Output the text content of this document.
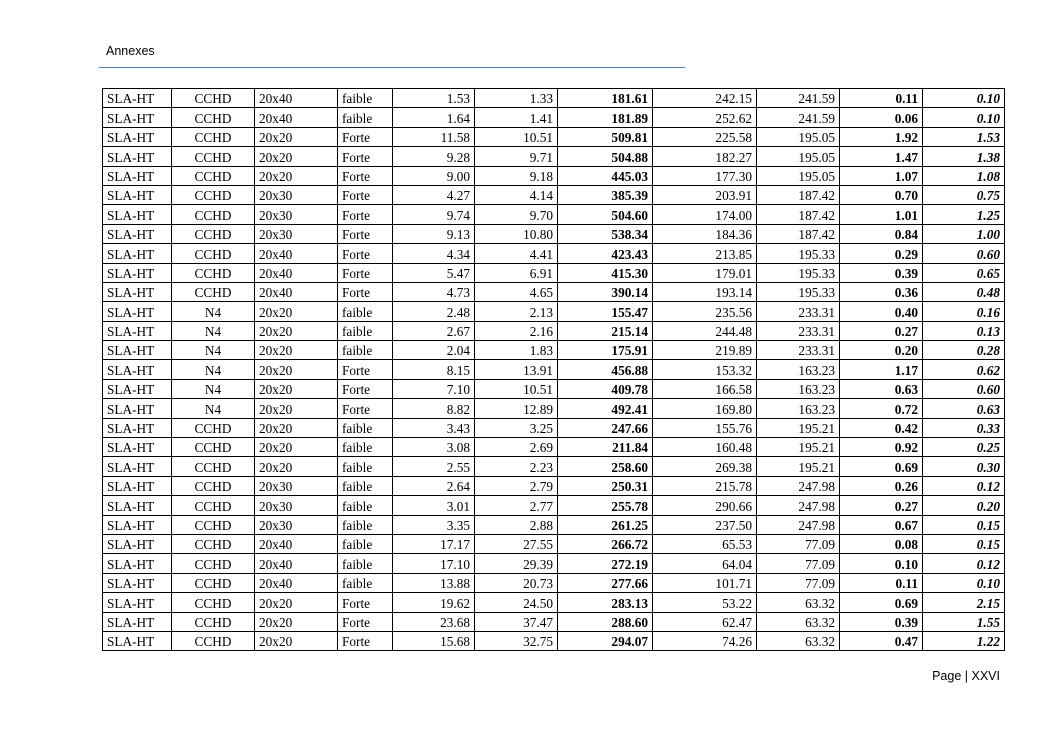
Annexes
SLA-HT	CCHD	20x40	faible	1.53	1.33	181.61	242.15	241.59	0.11	0.10
SLA-HT	CCHD	20x40	faible	1.64	1.41	181.89	252.62	241.59	0.06	0.10
SLA-HT	CCHD	20x20	Forte	11.58	10.51	509.81	225.58	195.05	1.92	1.53
SLA-HT	CCHD	20x20	Forte	9.28	9.71	504.88	182.27	195.05	1.47	1.38
SLA-HT	CCHD	20x20	Forte	9.00	9.18	445.03	177.30	195.05	1.07	1.08
SLA-HT	CCHD	20x30	Forte	4.27	4.14	385.39	203.91	187.42	0.70	0.75
SLA-HT	CCHD	20x30	Forte	9.74	9.70	504.60	174.00	187.42	1.01	1.25
SLA-HT	CCHD	20x30	Forte	9.13	10.80	538.34	184.36	187.42	0.84	1.00
SLA-HT	CCHD	20x40	Forte	4.34	4.41	423.43	213.85	195.33	0.29	0.60
SLA-HT	CCHD	20x40	Forte	5.47	6.91	415.30	179.01	195.33	0.39	0.65
SLA-HT	CCHD	20x40	Forte	4.73	4.65	390.14	193.14	195.33	0.36	0.48
SLA-HT	N4	20x20	faible	2.48	2.13	155.47	235.56	233.31	0.40	0.16
SLA-HT	N4	20x20	faible	2.67	2.16	215.14	244.48	233.31	0.27	0.13
SLA-HT	N4	20x20	faible	2.04	1.83	175.91	219.89	233.31	0.20	0.28
SLA-HT	N4	20x20	Forte	8.15	13.91	456.88	153.32	163.23	1.17	0.62
SLA-HT	N4	20x20	Forte	7.10	10.51	409.78	166.58	163.23	0.63	0.60
SLA-HT	N4	20x20	Forte	8.82	12.89	492.41	169.80	163.23	0.72	0.63
SLA-HT	CCHD	20x20	faible	3.43	3.25	247.66	155.76	195.21	0.42	0.33
SLA-HT	CCHD	20x20	faible	3.08	2.69	211.84	160.48	195.21	0.92	0.25
SLA-HT	CCHD	20x20	faible	2.55	2.23	258.60	269.38	195.21	0.69	0.30
SLA-HT	CCHD	20x30	faible	2.64	2.79	250.31	215.78	247.98	0.26	0.12
SLA-HT	CCHD	20x30	faible	3.01	2.77	255.78	290.66	247.98	0.27	0.20
SLA-HT	CCHD	20x30	faible	3.35	2.88	261.25	237.50	247.98	0.67	0.15
SLA-HT	CCHD	20x40	faible	17.17	27.55	266.72	65.53	77.09	0.08	0.15
SLA-HT	CCHD	20x40	faible	17.10	29.39	272.19	64.04	77.09	0.10	0.12
SLA-HT	CCHD	20x40	faible	13.88	20.73	277.66	101.71	77.09	0.11	0.10
SLA-HT	CCHD	20x20	Forte	19.62	24.50	283.13	53.22	63.32	0.69	2.15
SLA-HT	CCHD	20x20	Forte	23.68	37.47	288.60	62.47	63.32	0.39	1.55
SLA-HT	CCHD	20x20	Forte	15.68	32.75	294.07	74.26	63.32	0.47	1.22
Page | XXVI
